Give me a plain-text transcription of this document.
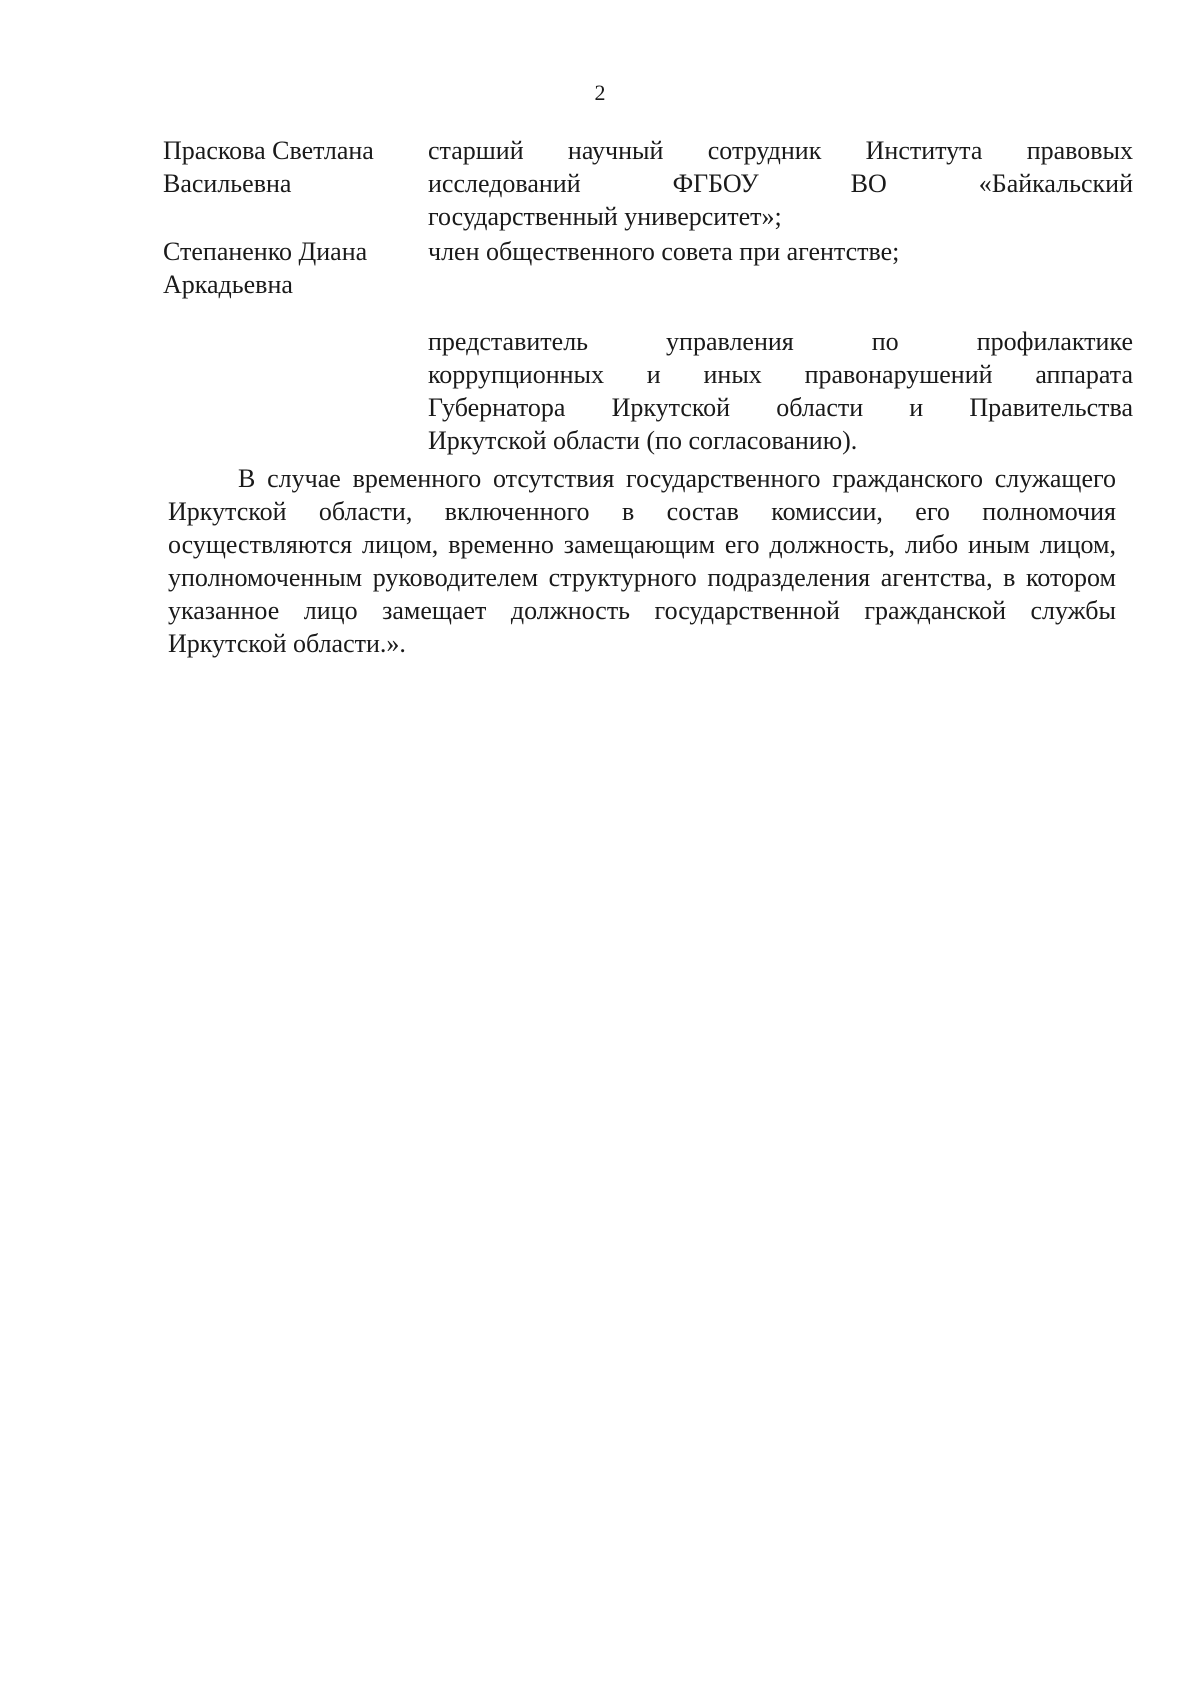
2
Праскова Светлана Васильевна
старший научный сотрудник Института правовых
исследований ФГБОУ ВО «Байкальский
государственный университет»;
Степаненко Диана Аркадьевна
член общественного совета при агентстве;
представитель управления по профилактике
коррупционных и иных правонарушений аппарата
Губернатора Иркутской области и Правительства
Иркутской области (по согласованию).
В случае временного отсутствия государственного гражданского служащего Иркутской области, включенного в состав комиссии, его полномочия осуществляются лицом, временно замещающим его должность, либо иным лицом, уполномоченным руководителем структурного подразделения агентства, в котором указанное лицо замещает должность государственной гражданской службы Иркутской области.».
